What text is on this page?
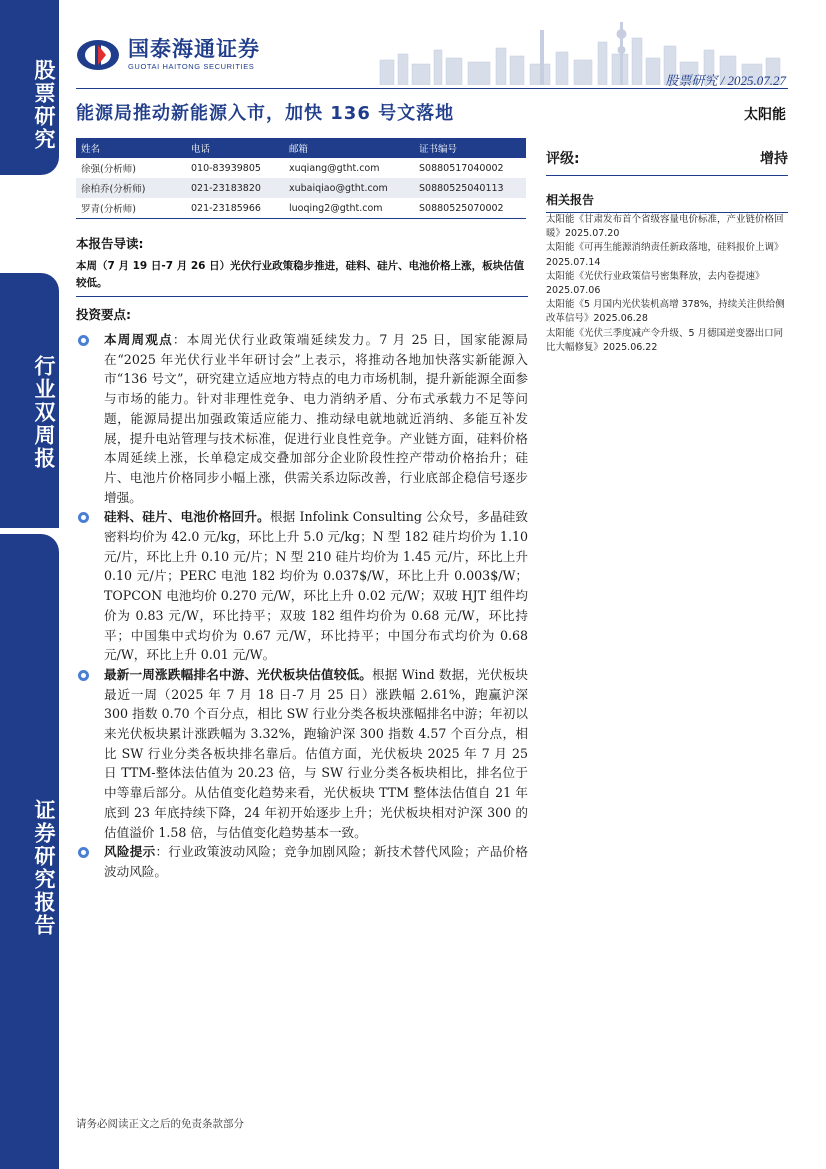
股票研究
行业双周报
证券研究报告
国泰海通证券
GUOTAI HAITONG SECURITIES
股票研究 / 2025.07.27
能源局推动新能源入市，加快 136 号文落地	太阳能
姓名	电话	邮箱	证书编号
徐强(分析师)	010-83939805	xuqiang@gtht.com	S0880517040002
徐柏乔(分析师)	021-23183820	xubaiqiao@gtht.com	S0880525040113
罗青(分析师)	021-23185966	luoqing2@gtht.com	S0880525070002
评级:	增持
相关报告
太阳能《甘肃发布首个省级容量电价标准，产业链价格回暖》2025.07.20
太阳能《可再生能源消纳责任新政落地，硅料报价上调》2025.07.14
太阳能《光伏行业政策信号密集释放，去内卷提速》2025.07.06
太阳能《5 月国内光伏装机高增 378%，持续关注供给侧改革信号》2025.06.28
太阳能《光伏三季度减产令升级、5 月德国逆变器出口同比大幅修复》2025.06.22
本报告导读:
本周（7 月 19 日-7 月 26 日）光伏行业政策稳步推进，硅料、硅片、电池价格上涨，板块估值较低。
投资要点:
本周周观点：本周光伏行业政策端延续发力。7 月 25 日，国家能源局在“2025 年光伏行业半年研讨会”上表示，将推动各地加快落实新能源入市“136 号文”，研究建立适应地方特点的电力市场机制，提升新能源全面参与市场的能力。针对非理性竞争、电力消纳矛盾、分布式承载力不足等问题，能源局提出加强政策适应能力、推动绿电就地就近消纳、多能互补发展，提升电站管理与技术标准，促进行业良性竞争。产业链方面，硅料价格本周延续上涨，长单稳定成交叠加部分企业阶段性控产带动价格抬升；硅片、电池片价格同步小幅上涨，供需关系边际改善，行业底部企稳信号逐步增强。
硅料、硅片、电池价格回升。根据 Infolink Consulting 公众号，多晶硅致密料均价为 42.0 元/kg，环比上升 5.0 元/kg；N 型 182 硅片均价为 1.10 元/片，环比上升 0.10 元/片；N 型 210 硅片均价为 1.45 元/片，环比上升 0.10 元/片；PERC 电池 182 均价为 0.037$/W，环比上升 0.003$/W；TOPCON 电池均价 0.270 元/W，环比上升 0.02 元/W；双玻 HJT 组件均价为 0.83 元/W，环比持平；双玻 182 组件均价为 0.68 元/W，环比持平；中国集中式均价为 0.67 元/W，环比持平；中国分布式均价为 0.68 元/W，环比上升 0.01 元/W。
最新一周涨跌幅排名中游、光伏板块估值较低。根据 Wind 数据，光伏板块最近一周（2025 年 7 月 18 日-7 月 25 日）涨跌幅 2.61%，跑赢沪深 300 指数 0.70 个百分点，相比 SW 行业分类各板块涨幅排名中游；年初以来光伏板块累计涨跌幅为 3.32%，跑输沪深 300 指数 4.57 个百分点，相比 SW 行业分类各板块排名靠后。估值方面，光伏板块 2025 年 7 月 25 日 TTM-整体法估值为 20.23 倍，与 SW 行业分类各板块相比，排名位于中等靠后部分。从估值变化趋势来看，光伏板块 TTM 整体法估值自 21 年底到 23 年底持续下降，24 年初开始逐步上升；光伏板块相对沪深 300 的估值溢价 1.58 倍，与估值变化趋势基本一致。
风险提示：行业政策波动风险；竞争加剧风险；新技术替代风险；产品价格波动风险。
请务必阅读正文之后的免责条款部分
